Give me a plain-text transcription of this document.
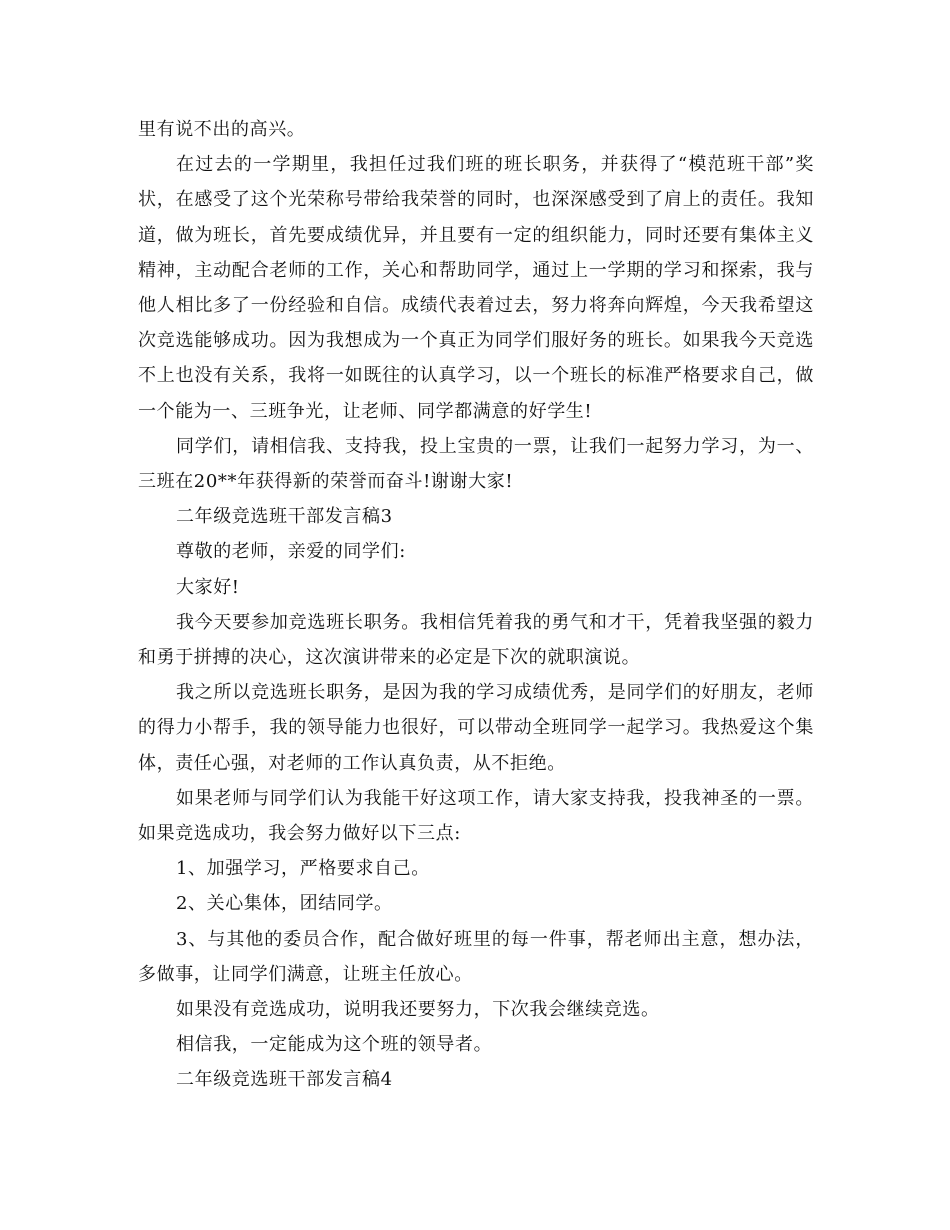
里有说不出的高兴。

在过去的一学期里，我担任过我们班的班长职务，并获得了“模范班干部”奖状，在感受了这个光荣称号带给我荣誉的同时，也深深感受到了肩上的责任。我知道，做为班长，首先要成绩优异，并且要有一定的组织能力，同时还要有集体主义精神，主动配合老师的工作，关心和帮助同学，通过上一学期的学习和探索，我与他人相比多了一份经验和自信。成绩代表着过去，努力将奔向辉煌，今天我希望这次竞选能够成功。因为我想成为一个真正为同学们服好务的班长。如果我今天竞选不上也没有关系，我将一如既往的认真学习，以一个班长的标准严格要求自己，做一个能为一、三班争光，让老师、同学都满意的好学生!

同学们，请相信我、支持我，投上宝贵的一票，让我们一起努力学习，为一、三班在20**年获得新的荣誉而奋斗!谢谢大家!

二年级竞选班干部发言稿3

尊敬的老师，亲爱的同学们:

大家好!

我今天要参加竞选班长职务。我相信凭着我的勇气和才干，凭着我坚强的毅力和勇于拼搏的决心，这次演讲带来的必定是下次的就职演说。

我之所以竞选班长职务，是因为我的学习成绩优秀，是同学们的好朋友，老师的得力小帮手，我的领导能力也很好，可以带动全班同学一起学习。我热爱这个集体，责任心强，对老师的工作认真负责，从不拒绝。

如果老师与同学们认为我能干好这项工作，请大家支持我，投我神圣的一票。如果竞选成功，我会努力做好以下三点:

1、加强学习，严格要求自己。

2、关心集体，团结同学。

3、与其他的委员合作，配合做好班里的每一件事，帮老师出主意，想办法，多做事，让同学们满意，让班主任放心。

如果没有竞选成功，说明我还要努力，下次我会继续竞选。

相信我，一定能成为这个班的领导者。

二年级竞选班干部发言稿4
